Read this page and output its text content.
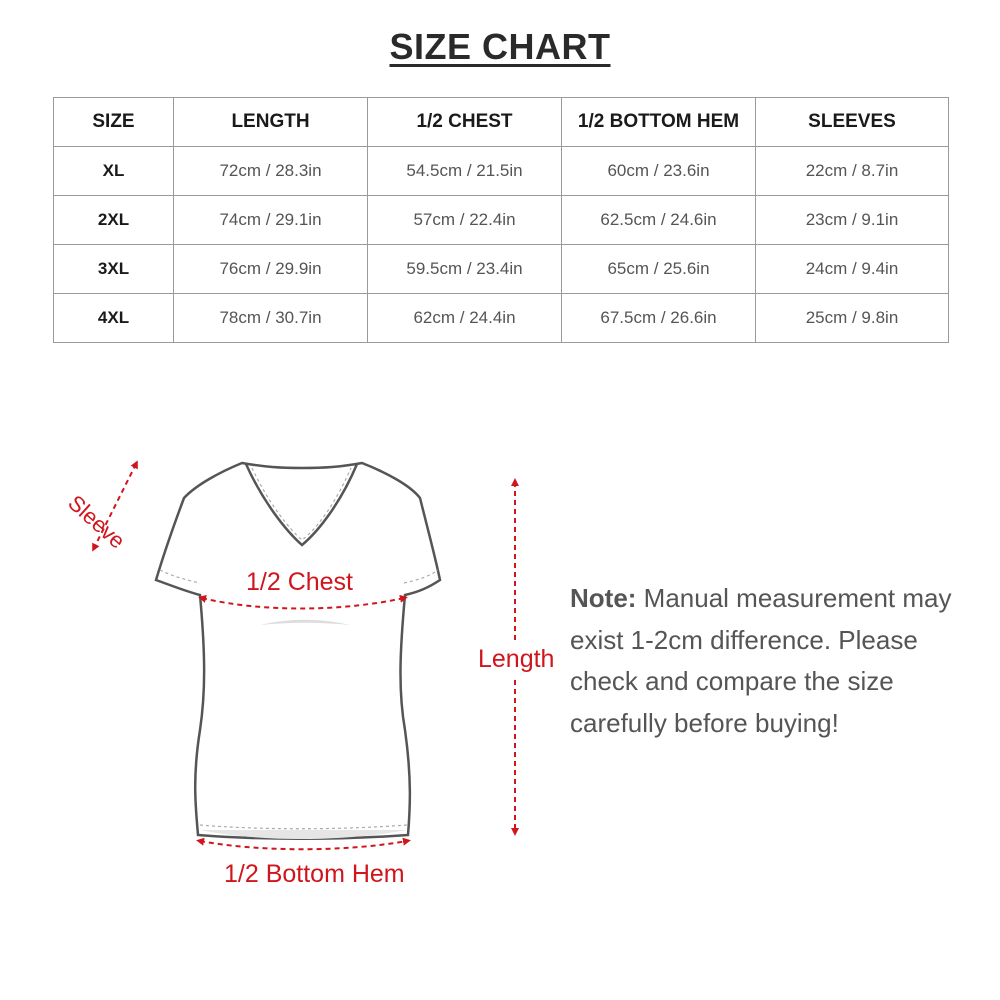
SIZE CHART
SIZE	LENGTH	1/2 CHEST	1/2 BOTTOM HEM	SLEEVES
XL	72cm / 28.3in	54.5cm / 21.5in	60cm / 23.6in	22cm / 8.7in
2XL	74cm / 29.1in	57cm / 22.4in	62.5cm / 24.6in	23cm / 9.1in
3XL	76cm / 29.9in	59.5cm / 23.4in	65cm / 25.6in	24cm / 9.4in
4XL	78cm / 30.7in	62cm / 24.4in	67.5cm / 26.6in	25cm / 9.8in
Sleeve
1/2 Chest
Length
1/2 Bottom Hem
Note: Manual measurement may exist 1-2cm difference. Please check and compare the size carefully before buying!
